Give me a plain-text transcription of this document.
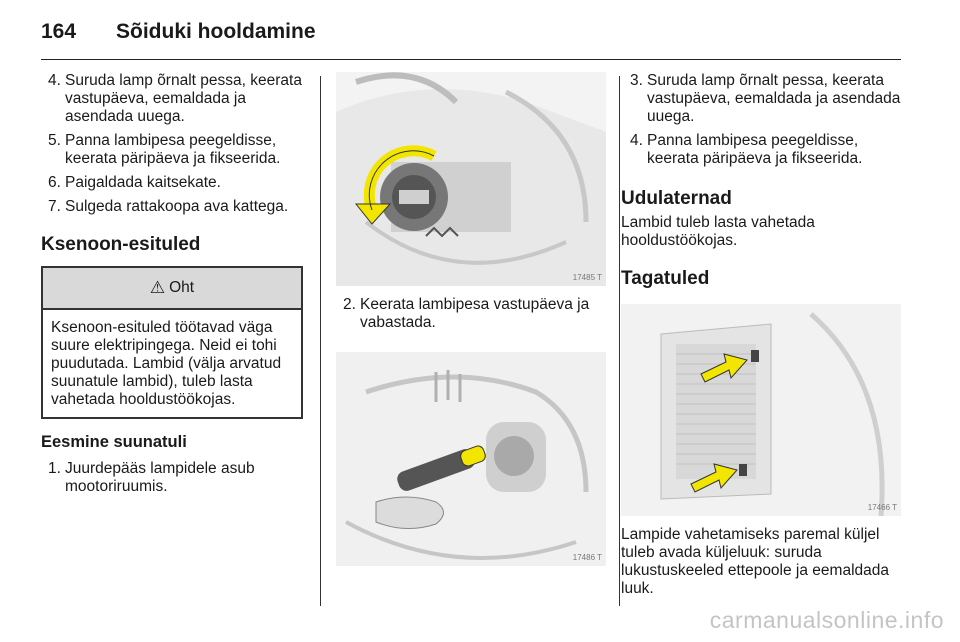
164 Sõiduki hooldamine
4. Suruda lamp õrnalt pessa, keerata vastupäeva, eemaldada ja asendada uuega.
5. Panna lambipesa peegeldisse, keerata päripäeva ja fikseerida.
6. Paigaldada kaitsekate.
7. Sulgeda rattakoopa ava kattega.
Ksenoon-esituled
⚠ Oht
Ksenoon-esituled töötavad väga suure elektripingega. Neid ei tohi puudutada. Lambid (välja arvatud suunatule lambid), tuleb lasta vahetada hooldustöökojas.
Eesmine suunatuli
1. Juurdepääs lampidele asub mootoriruumis.
17485 T
2. Keerata lambipesa vastupäeva ja vabastada.
17486 T
3. Suruda lamp õrnalt pessa, keerata vastupäeva, eemaldada ja asendada uuega.
4. Panna lambipesa peegeldisse, keerata päripäeva ja fikseerida.
Udulaternad

Lambid tuleb lasta vahetada hooldustöökojas.

Tagatuled
17466 T

Lampide vahetamiseks paremal küljel tuleb avada küljeluuk: suruda lukustuskeeled ettepoole ja eemaldada luuk.

carmanualsonline.info
